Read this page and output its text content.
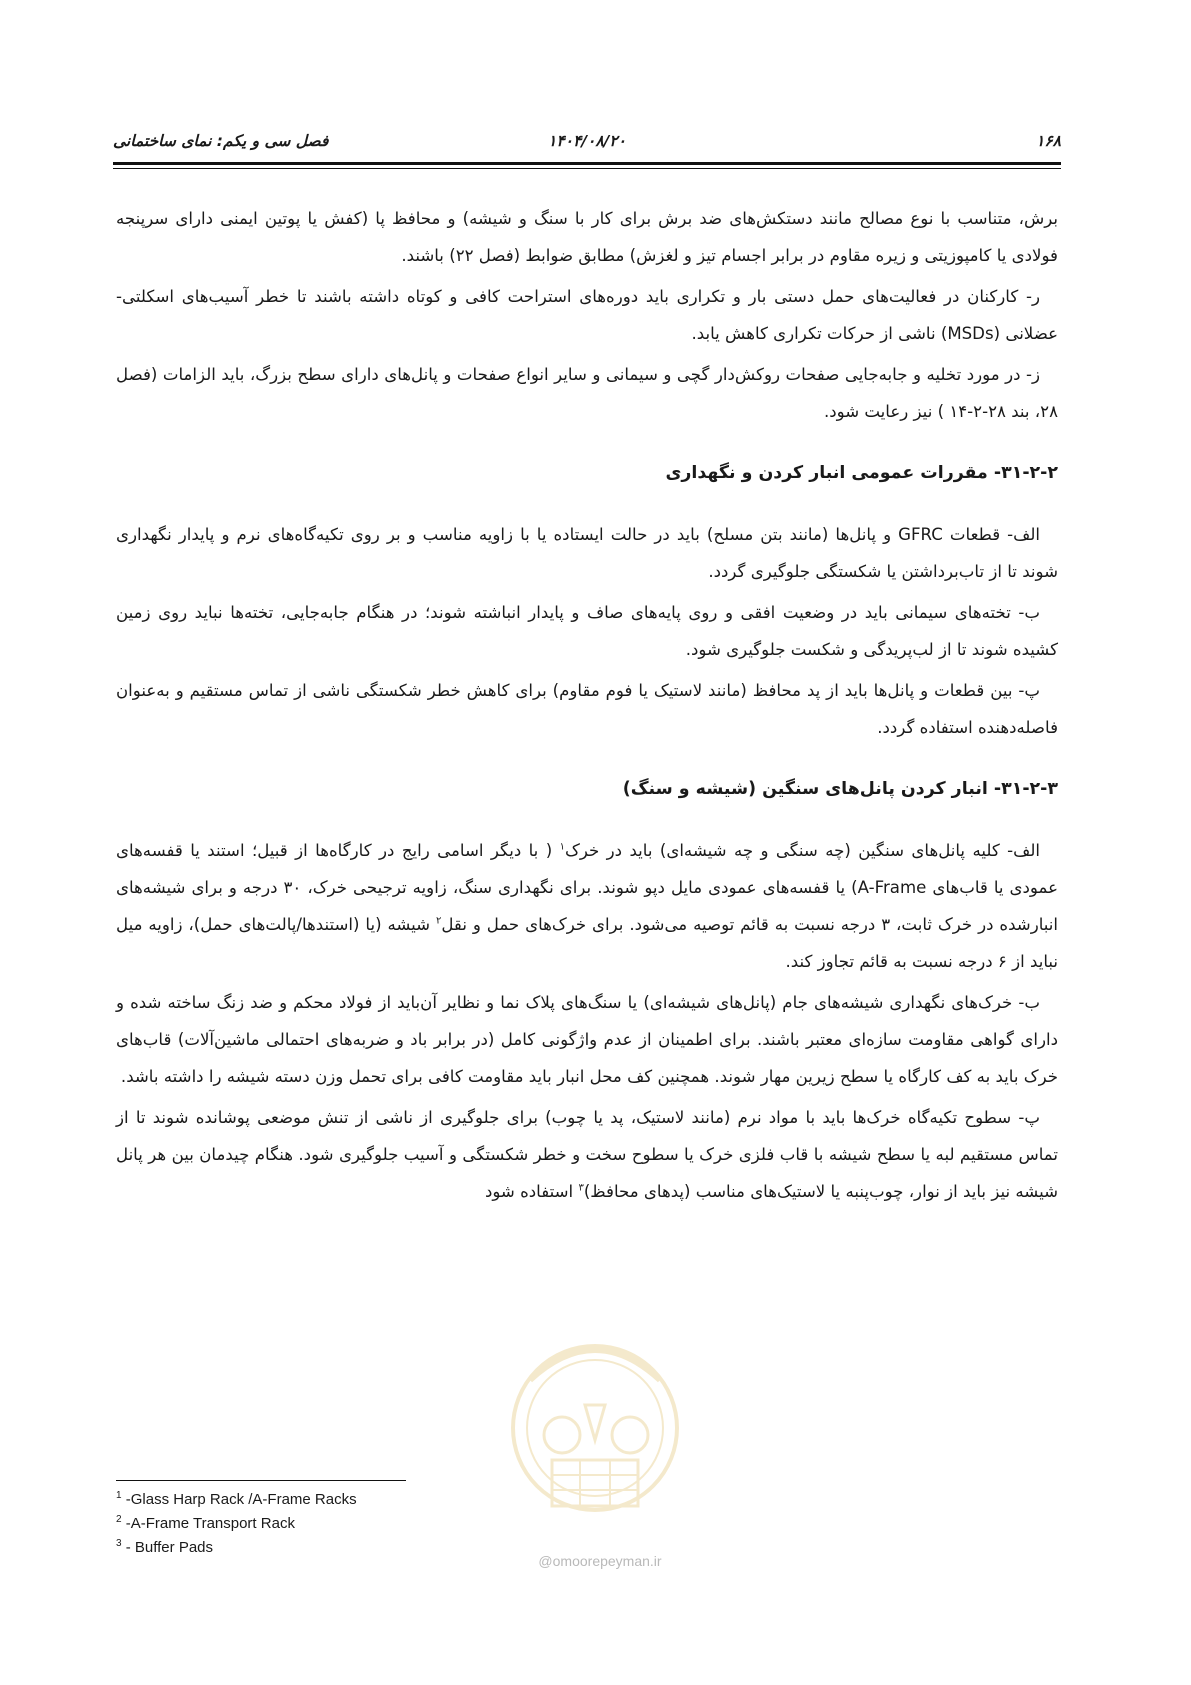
۱۶۸
۱۴۰۴/۰۸/۲۰
فصل سی و یکم: نمای ساختمانی

برش، متناسب با نوع مصالح مانند دستکش‌های ضد برش برای کار با سنگ و شیشه) و محافظ پا (کفش یا پوتین ایمنی دارای سرپنجه فولادی یا کامپوزیتی و زیره مقاوم در برابر اجسام تیز و لغزش) مطابق ضوابط (فصل ۲۲) باشند.

ر- کارکنان در فعالیت‌های حمل دستی بار و تکراری باید دوره‌های استراحت کافی و کوتاه داشته باشند تا خطر آسیب‌های اسکلتی-عضلانی (MSDs) ناشی از حرکات تکراری کاهش یابد.

ز- در مورد تخلیه و جابه‌جایی صفحات روکش‌دار گچی و سیمانی و سایر انواع صفحات و پانل‌های دارای سطح بزرگ، باید الزامات (فصل ۲۸، بند ۲۸-۲-۱۴ ) نیز رعایت شود.

۳۱-۲-۲- مقررات عمومی انبار کردن و نگهداری

الف- قطعات GFRC و پانل‌ها (مانند بتن مسلح) باید در حالت ایستاده یا با زاویه مناسب و بر روی تکیه‌گاه‌های نرم و پایدار نگهداری شوند تا از تاب‌برداشتن یا شکستگی جلوگیری گردد.

ب- تخته‌های سیمانی باید در وضعیت افقی و روی پایه‌های صاف و پایدار انباشته شوند؛ در هنگام جابه‌جایی، تخته‌ها نباید روی زمین کشیده شوند تا از لب‌پریدگی و شکست جلوگیری شود.

پ- بین قطعات و پانل‌ها باید از پد محافظ (مانند لاستیک یا فوم مقاوم) برای کاهش خطر شکستگی ناشی از تماس مستقیم و به‌عنوان فاصله‌دهنده استفاده گردد.

۳۱-۲-۳- انبار کردن پانل‌های سنگین (شیشه و سنگ)

الف- کلیه پانل‌های سنگین (چه سنگی و چه شیشه‌ای) باید در خرک$^۱$ ( با دیگر اسامی رایج در کارگاه‌ها از قبیل؛ استند یا قفسه‌های عمودی یا قاب‌های A-Frame) یا قفسه‌های عمودی مایل دپو شوند. برای نگهداری سنگ، زاویه ترجیحی خرک، ۳۰ درجه و برای شیشه‌های انبارشده در خرک ثابت، ۳ درجه نسبت به قائم توصیه می‌شود. برای خرک‌های حمل و نقل$^۲$ شیشه (یا (استندها/پالت‌های حمل)، زاویه میل نباید از ۶ درجه نسبت به قائم تجاوز کند.

ب- خرک‌های نگهداری شیشه‌های جام (پانل‌های شیشه‌ای) یا سنگ‌های پلاک نما و نظایر آن‌باید از فولاد محکم و ضد زنگ ساخته شده و دارای گواهی مقاومت سازه‌ای معتبر باشند. برای اطمینان از عدم واژگونی کامل (در برابر باد و ضربه‌های احتمالی ماشین‌آلات) قاب‌های خرک باید به کف کارگاه یا سطح زیرین مهار شوند. همچنین کف محل انبار باید مقاومت کافی برای تحمل وزن دسته شیشه را داشته باشد.

پ- سطوح تکیه‌گاه خرک‌ها باید با مواد نرم (مانند لاستیک، پد یا چوب) برای جلوگیری از ناشی از تنش موضعی پوشانده شوند تا از تماس مستقیم لبه یا سطح شیشه با قاب فلزی خرک یا سطوح سخت و خطر شکستگی و آسیب جلوگیری شود. هنگام چیدمان بین هر پانل شیشه نیز باید از نوار، چوب‌پنبه یا لاستیک‌های مناسب (پدهای محافظ)$^۳$ استفاده شود

$^1$ -Glass Harp Rack /A-Frame Racks
$^2$ -A-Frame Transport Rack
$^3$ - Buffer Pads
@omoorepeyman.ir
